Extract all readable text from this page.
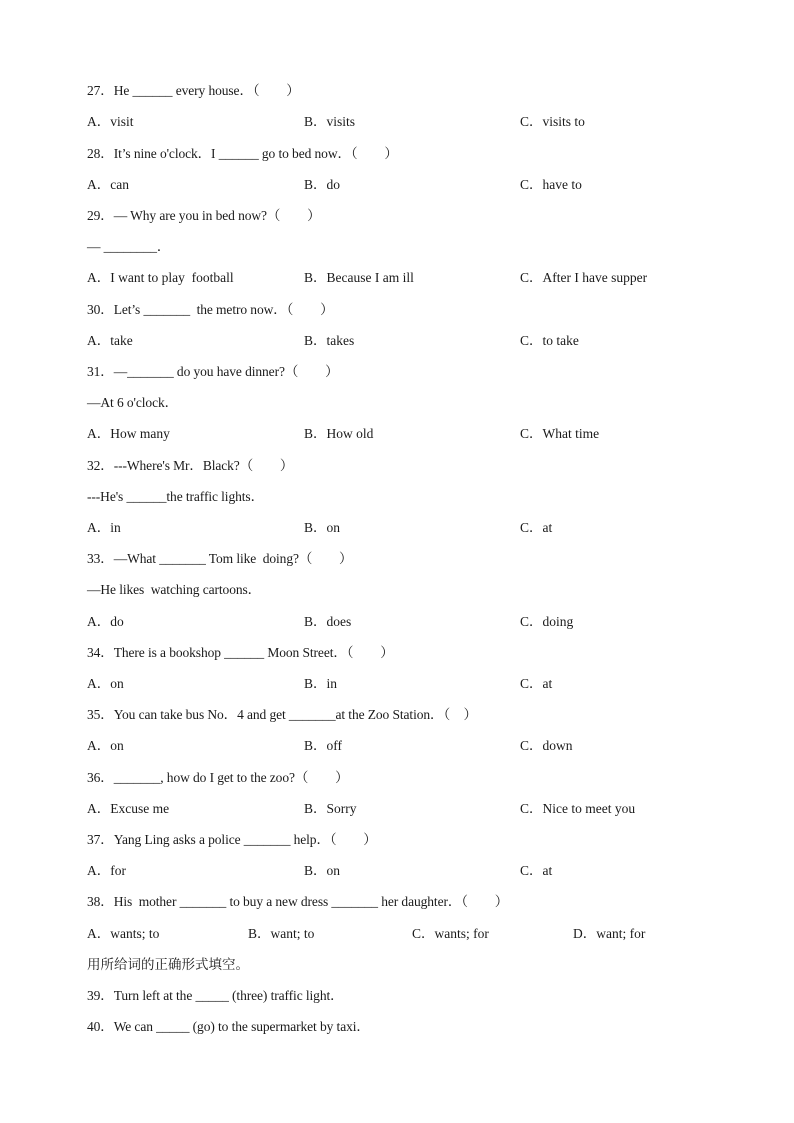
27．He ______ every house．（　　）
A．visit	B．visits	C．visits to
28．It’s nine o'clock．I ______ go to bed now．（　　）
A．can	B．do	C．have to
29．— Why are you in bed now?（　　）
— ________．
A．I want to play  football	B．Because I am ill	C．After I have supper
30．Let’s _______  the metro now．（　　）
A．take	B．takes	C．to take
31．—_______ do you have dinner?（　　）
—At 6 o'clock．
A．How many	B．How old	C．What time
32．---Where's Mr．Black?（　　）
---He's ______the traffic lights．
A．in	B．on	C．at
33．—What _______ Tom like  doing?（　　）
—He likes  watching cartoons．
A．do	B．does	C．doing
34．There is a bookshop ______ Moon Street．（　　）
A．on	B．in	C．at
35．You can take bus No．4 and get _______at the Zoo Station．（　）
A．on	B．off	C．down
36．_______, how do I get to the zoo?（　　）
A．Excuse me	B．Sorry	C．Nice to meet you
37．Yang Ling asks a police _______ help．（　　）
A．for	B．on	C．at
38．His  mother _______ to buy a new dress _______ her daughter．（　　）
A．wants; to	B．want; to	C．wants; for	D．want; for
用所给词的正确形式填空。
39．Turn left at the _____ (three) traffic light．
40．We can _____ (go) to the supermarket by taxi．
